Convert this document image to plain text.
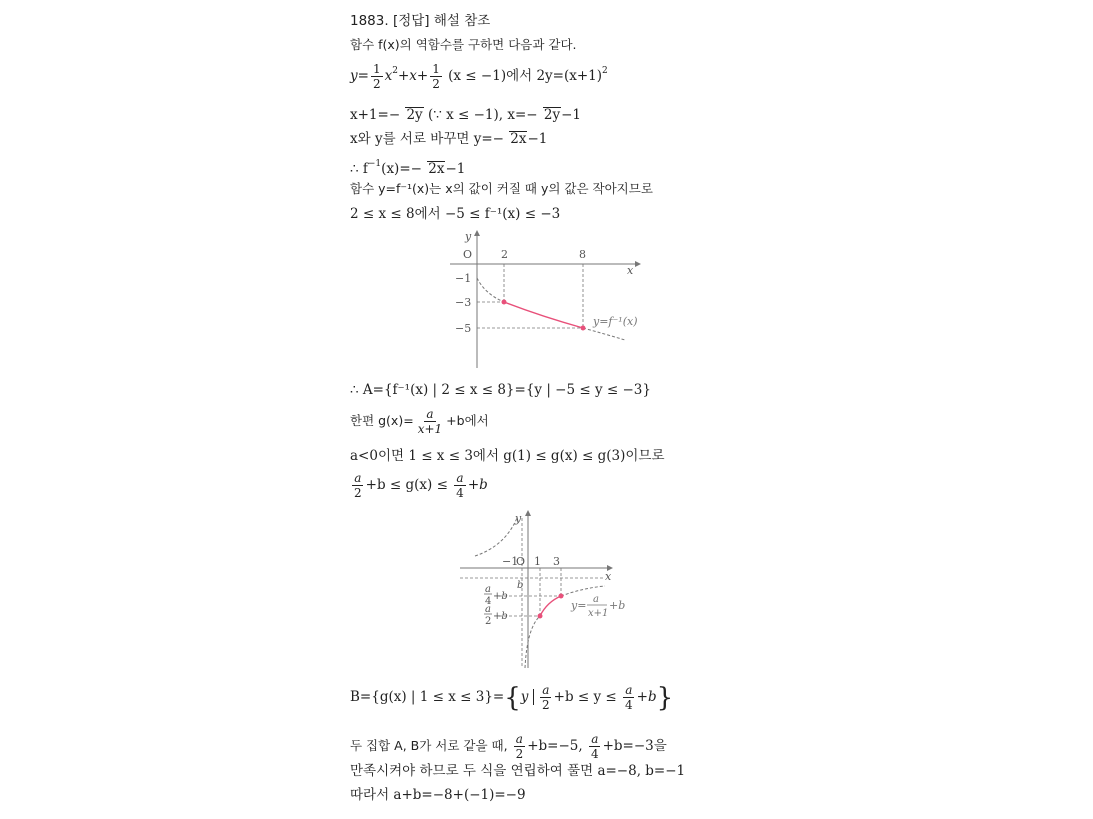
1883. [정답] 해설 참조
함수 f(x)의 역함수를 구하면 다음과 같다.
$y= \frac{1}{2} x^2+x+ \frac{1}{2} (x \le -1)$에서 $2y=(x+1)^2$
x+1=− 2y (∵ x ≤ −1), x=− 2y−1
x와 y를 서로 바꾸면 y=− 2x−1
∴ $f^{-1}(x)=- 2x-1$
함수 y=f⁻¹(x)는 x의 값이 커질 때 y의 값은 작아지므로
2 ≤ x ≤ 8에서 −5 ≤ f⁻¹(x) ≤ −3
y
x
O	2	8
−1
−3
−5
y=f⁻¹(x)
∴ A={f⁻¹(x) | 2 ≤ x ≤ 8}={y | −5 ≤ y ≤ −3}
한편 $g(x)= \frac{a}{x+1} +b$에서
a<0이면 1 ≤ x ≤ 3에서 g(1) ≤ g(x) ≤ g(3)이므로
$\frac{a}{2} +b \le g(x) \le \frac{a}{4} +b$
y
x
−1
O 1 3
b
a
4 +b
a
2 +b
y= a
x+1
+b
B={g(x) | $1 \le x \le 3\}=\{y \frac{a}{2} +b \le y \le \frac{a}{4} +b\}$
두 집합 A, B가 서로 같을 때, $\frac{a}{2} +b=-5$, $\frac{a}{4} +b=-3$을
만족시켜야 하므로 두 식을 연립하여 풀면 a=−8, b=−1
따라서 a+b=−8+(−1)=−9
